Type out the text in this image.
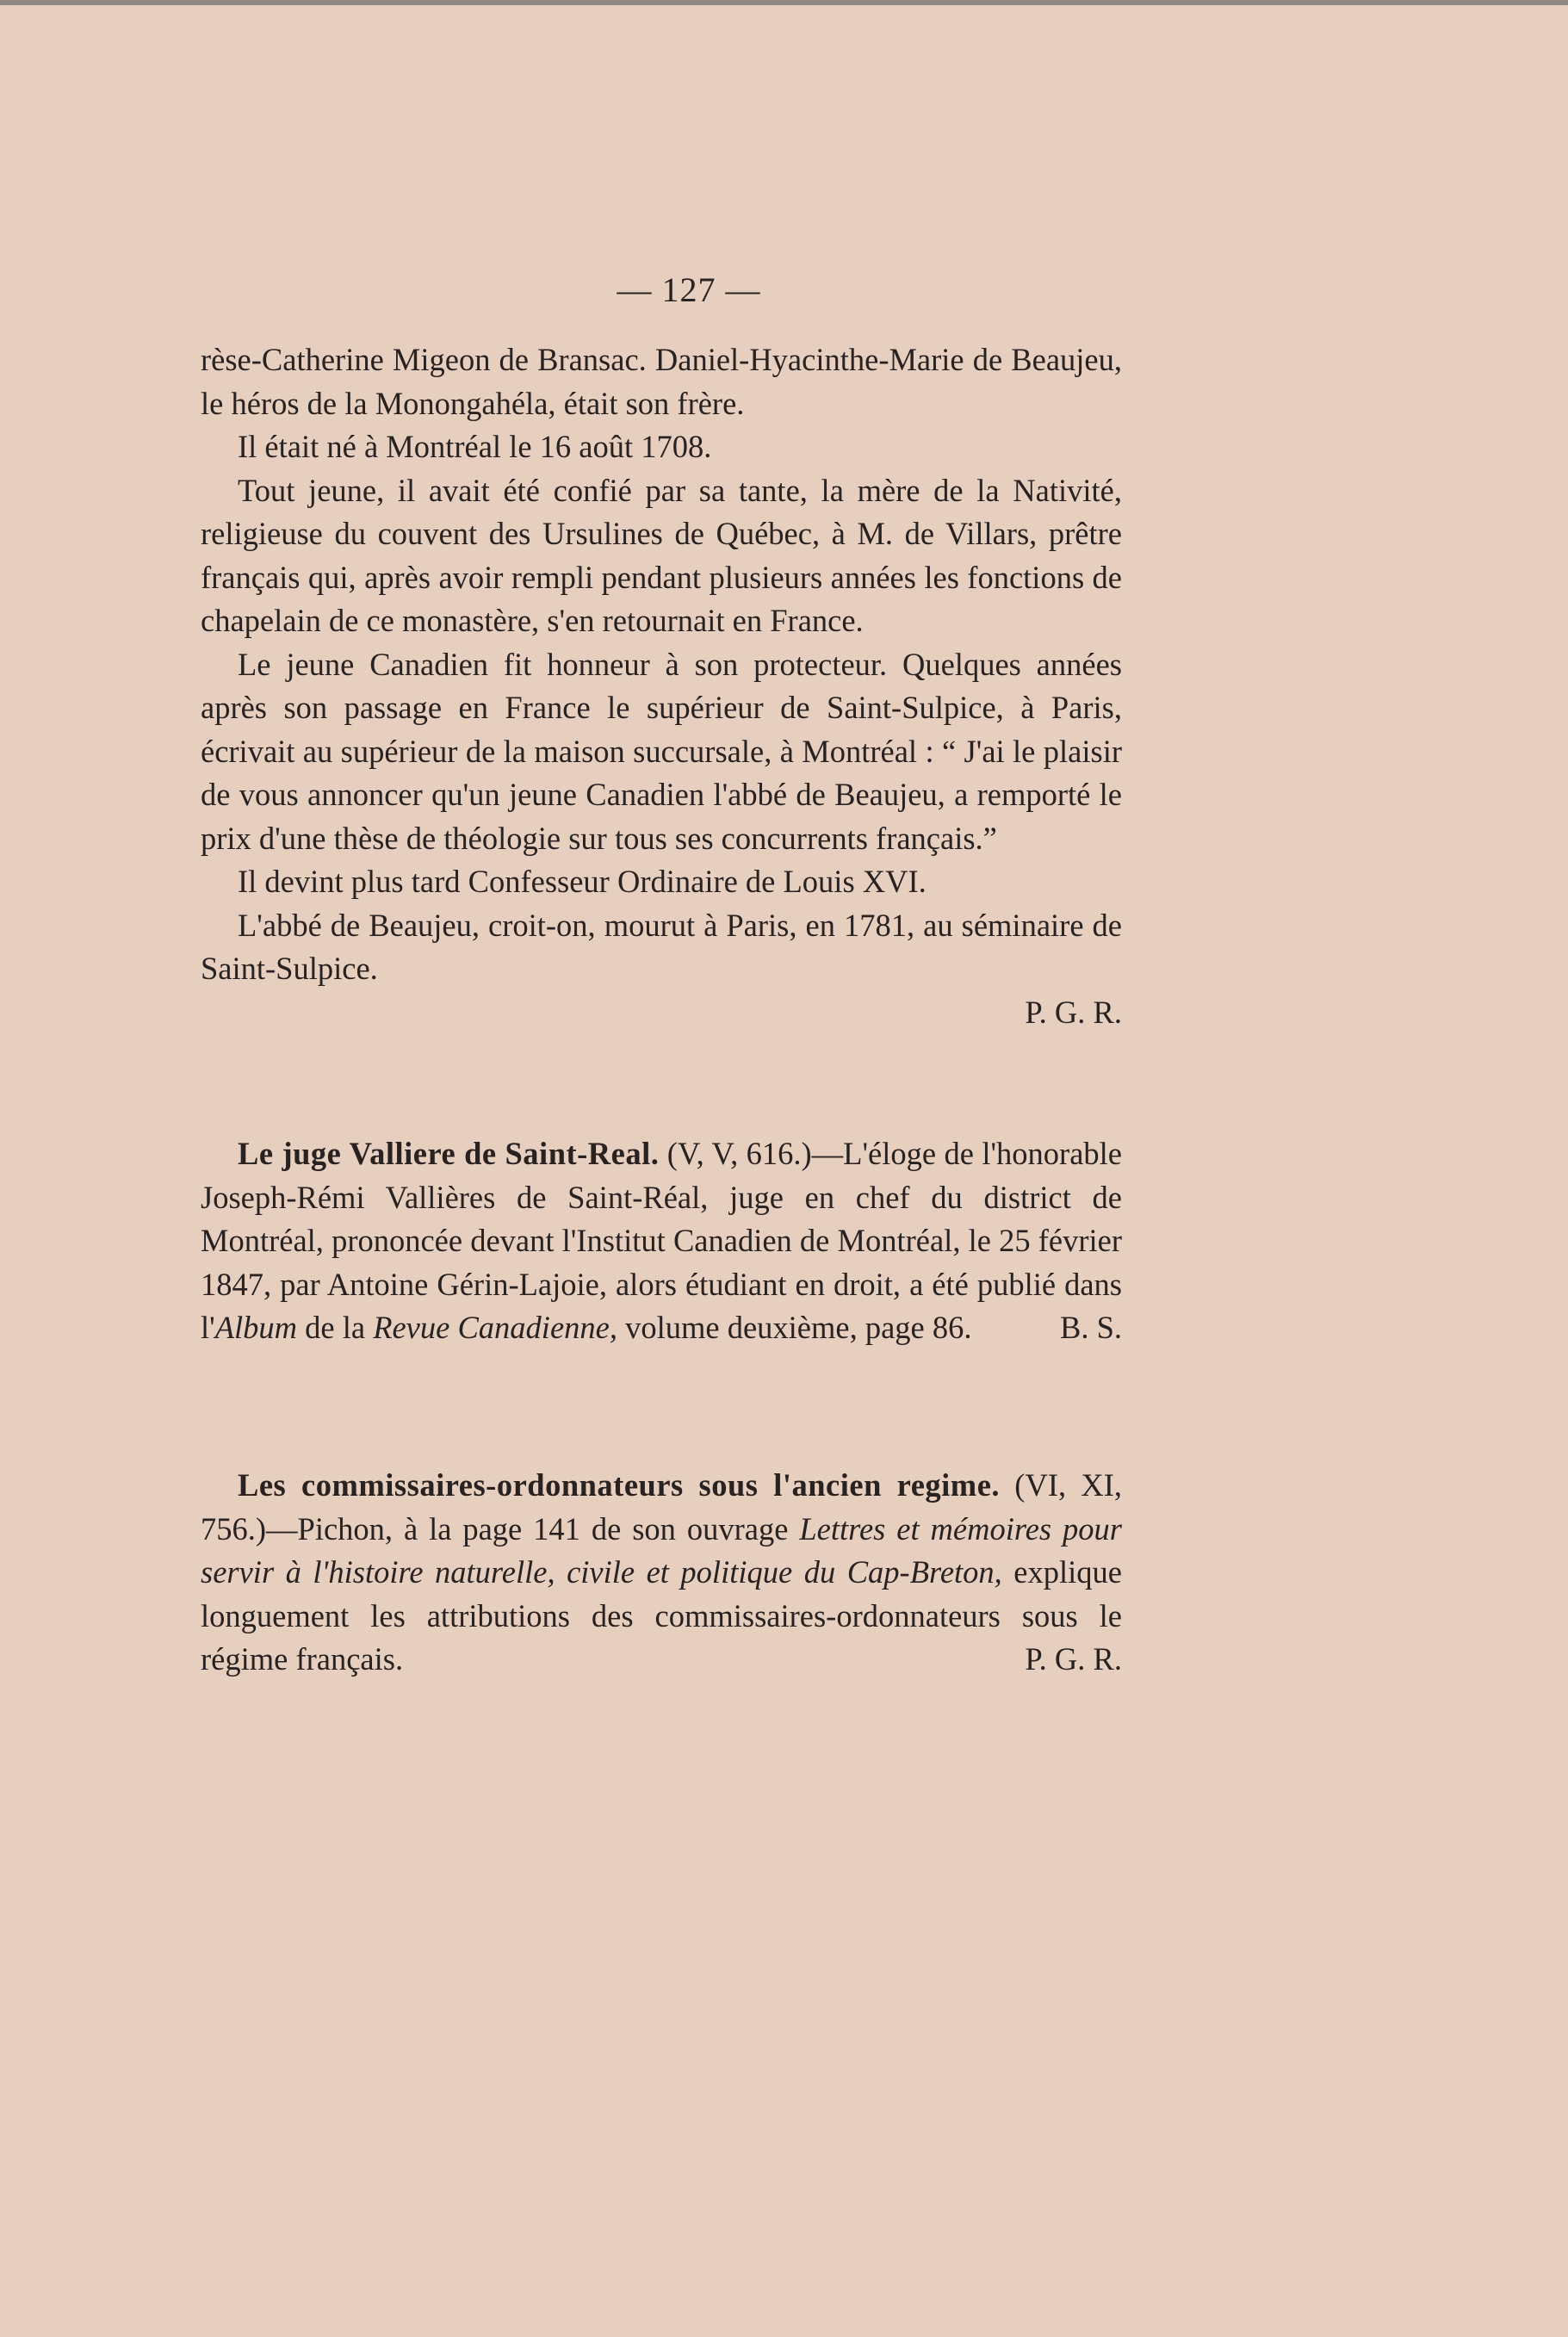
— 127 —

rèse-Catherine Migeon de Bransac. Daniel-Hyacinthe-Marie de Beaujeu, le héros de la Monongahéla, était son frère.

Il était né à Montréal le 16 août 1708.

Tout jeune, il avait été confié par sa tante, la mère de la Nativité, religieuse du couvent des Ursulines de Québec, à M. de Villars, prêtre français qui, après avoir rempli pendant plusieurs années les fonctions de chapelain de ce monastère, s'en retournait en France.

Le jeune Canadien fit honneur à son protecteur. Quelques années après son passage en France le supérieur de Saint-Sulpice, à Paris, écrivait au supérieur de la maison succursale, à Montréal : “ J'ai le plaisir de vous annoncer qu'un jeune Canadien l'abbé de Beaujeu, a remporté le prix d'une thèse de théologie sur tous ses concurrents français.”

Il devint plus tard Confesseur Ordinaire de Louis XVI.

L'abbé de Beaujeu, croit-on, mourut à Paris, en 1781, au séminaire de Saint-Sulpice.

P. G. R.

Le juge Valliere de Saint-Real. (V, V, 616.)—L'éloge de l'honorable Joseph-Rémi Vallières de Saint-Réal, juge en chef du district de Montréal, prononcée devant l'Institut Canadien de Montréal, le 25 février 1847, par Antoine Gérin-Lajoie, alors étudiant en droit, a été publié dans l'Album de la Revue Canadienne, volume deuxième, page 86.	B. S.

Les commissaires-ordonnateurs sous l'ancien regime. (VI, XI, 756.)—Pichon, à la page 141 de son ouvrage Lettres et mémoires pour servir à l'histoire naturelle, civile et politique du Cap-Breton, explique longuement les attributions des commissaires-ordonnateurs sous le régime français.	P. G. R.
